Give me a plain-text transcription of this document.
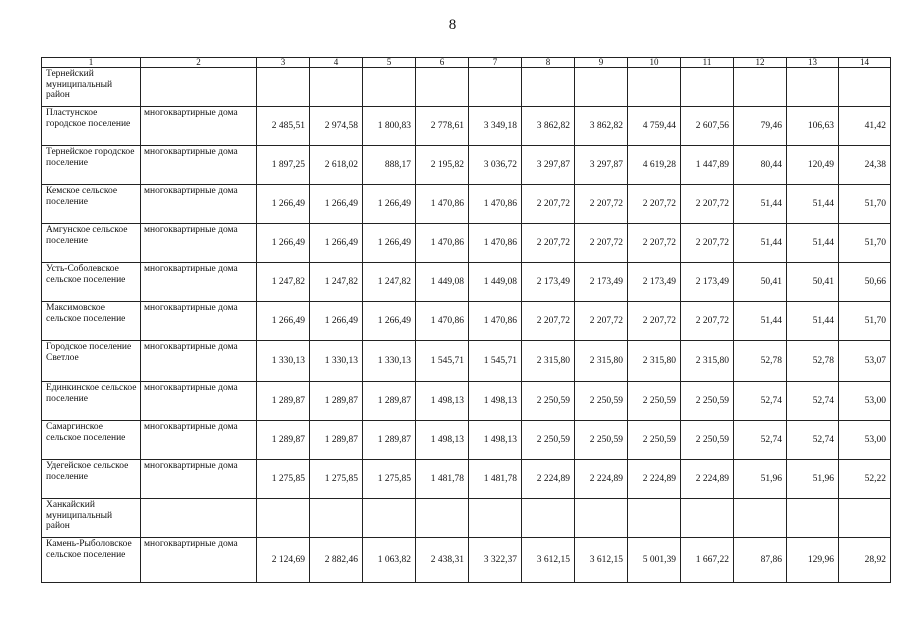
8
1	2	3	4	5	6	7	8	9	10	11	12	13	14
Тернейский муниципальный район													
Пластунское городское поселение	многоквартирные дома	2 485,51	2 974,58	1 800,83	2 778,61	3 349,18	3 862,82	3 862,82	4 759,44	2 607,56	79,46	106,63	41,42
Тернейское городское поселение	многоквартирные дома	1 897,25	2 618,02	888,17	2 195,82	3 036,72	3 297,87	3 297,87	4 619,28	1 447,89	80,44	120,49	24,38
Кемское сельское поселение	многоквартирные дома	1 266,49	1 266,49	1 266,49	1 470,86	1 470,86	2 207,72	2 207,72	2 207,72	2 207,72	51,44	51,44	51,70
Амгунское сельское поселение	многоквартирные дома	1 266,49	1 266,49	1 266,49	1 470,86	1 470,86	2 207,72	2 207,72	2 207,72	2 207,72	51,44	51,44	51,70
Усть-Соболевское сельское поселение	многоквартирные дома	1 247,82	1 247,82	1 247,82	1 449,08	1 449,08	2 173,49	2 173,49	2 173,49	2 173,49	50,41	50,41	50,66
Максимовское сельское поселение	многоквартирные дома	1 266,49	1 266,49	1 266,49	1 470,86	1 470,86	2 207,72	2 207,72	2 207,72	2 207,72	51,44	51,44	51,70
Городское поселение Светлое	многоквартирные дома	1 330,13	1 330,13	1 330,13	1 545,71	1 545,71	2 315,80	2 315,80	2 315,80	2 315,80	52,78	52,78	53,07
Единкинское сельское поселение	многоквартирные дома	1 289,87	1 289,87	1 289,87	1 498,13	1 498,13	2 250,59	2 250,59	2 250,59	2 250,59	52,74	52,74	53,00
Самаргинское сельское поселение	многоквартирные дома	1 289,87	1 289,87	1 289,87	1 498,13	1 498,13	2 250,59	2 250,59	2 250,59	2 250,59	52,74	52,74	53,00
Удегейское сельское поселение	многоквартирные дома	1 275,85	1 275,85	1 275,85	1 481,78	1 481,78	2 224,89	2 224,89	2 224,89	2 224,89	51,96	51,96	52,22
Ханкайский муниципальный район													
Камень-Рыболовское сельское поселение	многоквартирные дома	2 124,69	2 882,46	1 063,82	2 438,31	3 322,37	3 612,15	3 612,15	5 001,39	1 667,22	87,86	129,96	28,92
